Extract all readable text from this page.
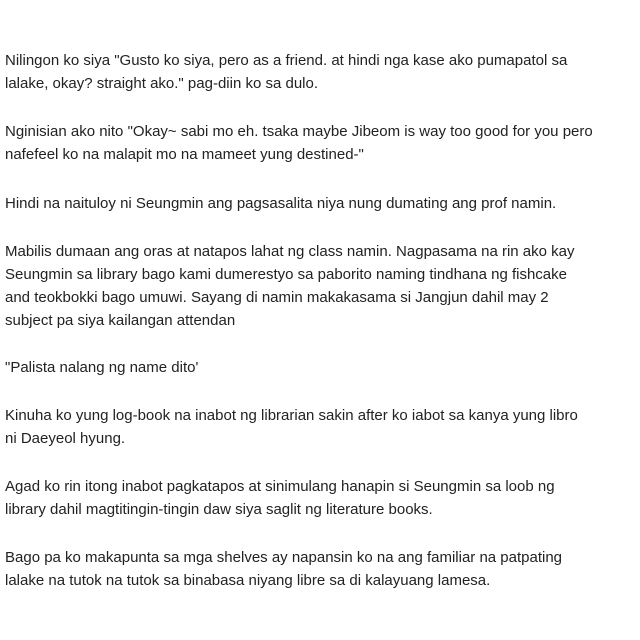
Nilingon ko siya "Gusto ko siya, pero as a friend. at hindi nga kase ako pumapatol sa
lalake, okay? straight ako." pag-diin ko sa dulo.

Nginisian ako nito "Okay~ sabi mo eh. tsaka maybe Jibeom is way too good for you pero
nafefeel ko na malapit mo na mameet yung destined-"

Hindi na naituloy ni Seungmin ang pagsasalita niya nung dumating ang prof namin.

Mabilis dumaan ang oras at natapos lahat ng class namin. Nagpasama na rin ako kay
Seungmin sa library bago kami dumerestyo sa paborito naming tindhana ng fishcake
and teokbokki bago umuwi. Sayang di namin makakasama si Jangjun dahil may 2
subject pa siya kailangan attendan

"Palista nalang ng name dito'

Kinuha ko yung log-book na inabot ng librarian sakin after ko iabot sa kanya yung libro
ni Daeyeol hyung.

Agad ko rin itong inabot pagkatapos at sinimulang hanapin si Seungmin sa loob ng
library dahil magtitingin-tingin daw siya saglit ng literature books.

Bago pa ko makapunta sa mga shelves ay napansin ko na ang familiar na patpating
lalake na tutok na tutok sa binabasa niyang libre sa di kalayuang lamesa.
